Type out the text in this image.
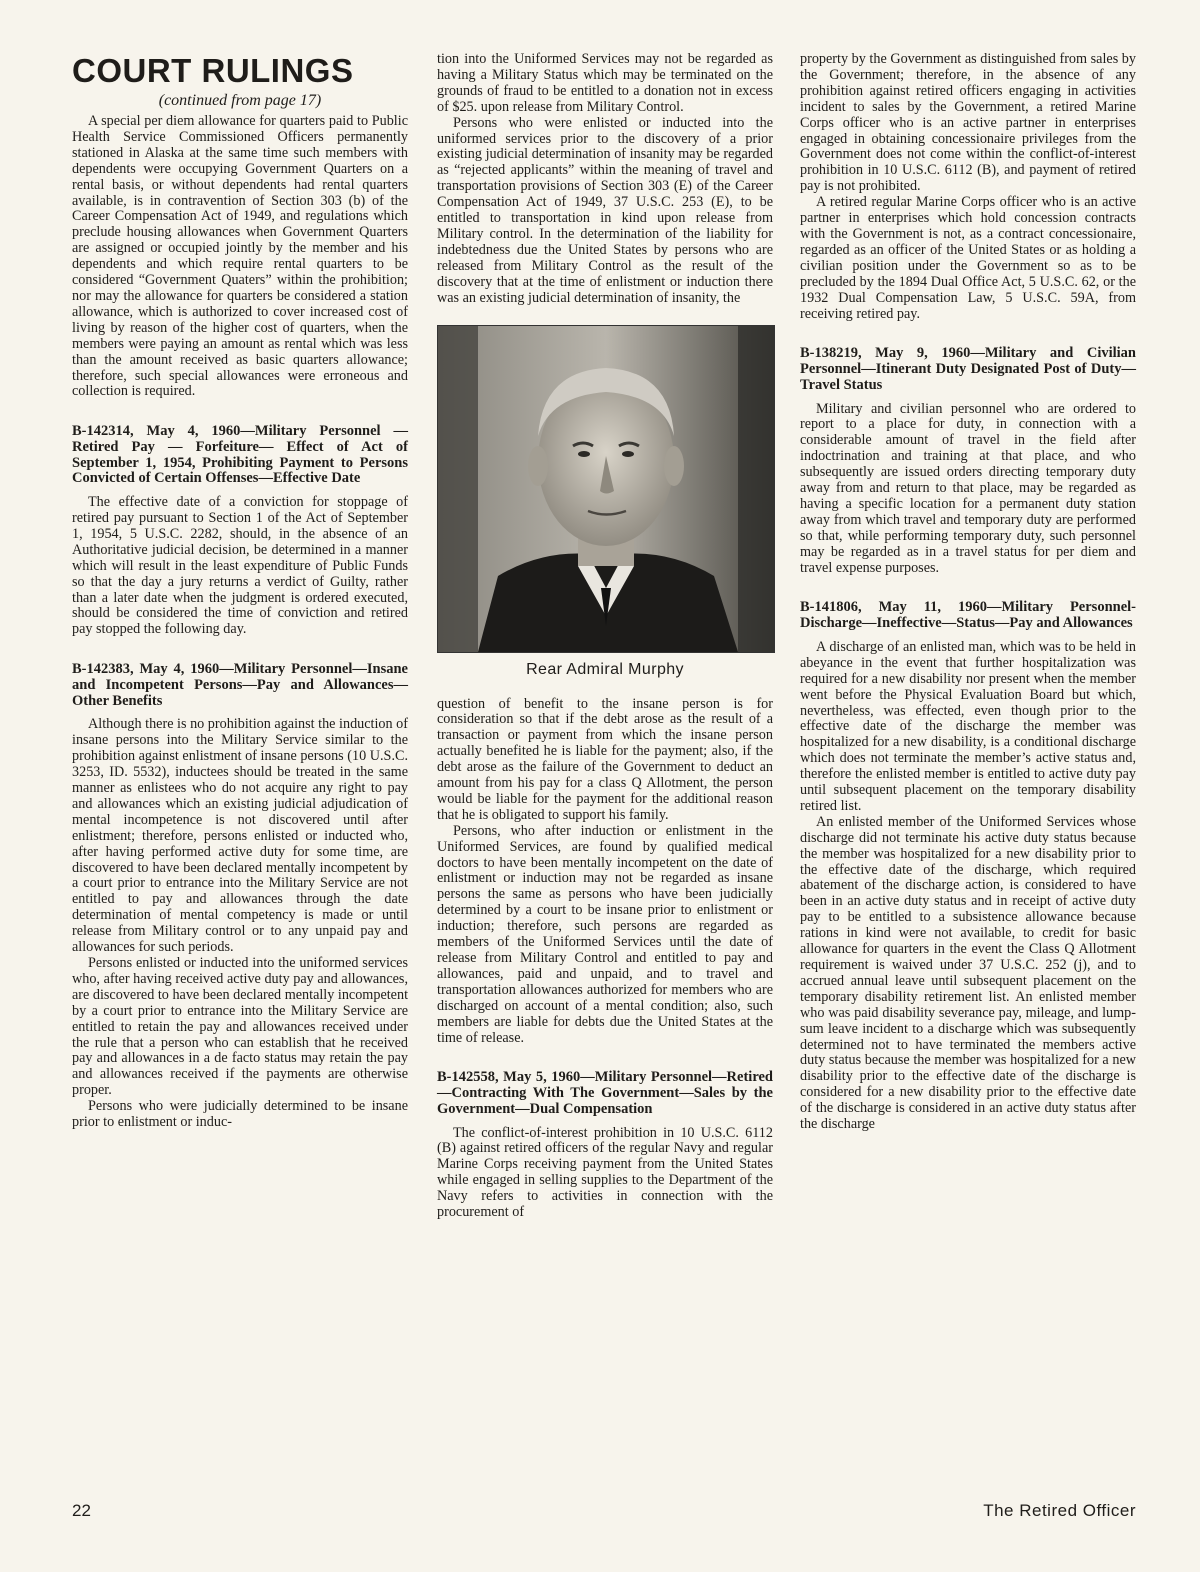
COURT RULINGS
(continued from page 17)

A special per diem allowance for quarters paid to Public Health Service Commissioned Officers permanently stationed in Alaska at the same time such members with dependents were occupying Government Quarters on a rental basis, or without dependents had rental quarters available, is in contravention of Section 303 (b) of the Career Compensation Act of 1949, and regulations which preclude housing allowances when Government Quarters are assigned or occupied jointly by the member and his dependents and which require rental quarters to be considered “Government Quaters” within the prohibition; nor may the allowance for quarters be considered a station allowance, which is authorized to cover increased cost of living by reason of the higher cost of quarters, when the members were paying an amount as rental which was less than the amount received as basic quarters allowance; therefore, such special allowances were erroneous and collection is required.

B-142314, May 4, 1960—Military Personnel — Retired Pay — Forfeiture— Effect of Act of September 1, 1954, Prohibiting Payment to Persons Convicted of Certain Offenses—Effective Date

The effective date of a conviction for stoppage of retired pay pursuant to Section 1 of the Act of September 1, 1954, 5 U.S.C. 2282, should, in the absence of an Authoritative judicial decision, be determined in a manner which will result in the least expenditure of Public Funds so that the day a jury returns a verdict of Guilty, rather than a later date when the judgment is ordered executed, should be considered the time of conviction and retired pay stopped the following day.

B-142383, May 4, 1960—Military Personnel—Insane and Incompetent Persons—Pay and Allowances—Other Benefits

Although there is no prohibition against the induction of insane persons into the Military Service similar to the prohibition against enlistment of insane persons (10 U.S.C. 3253, ID. 5532), inductees should be treated in the same manner as enlistees who do not acquire any right to pay and allowances which an existing judicial adjudication of mental incompetence is not discovered until after enlistment; therefore, persons enlisted or inducted who, after having performed active duty for some time, are discovered to have been declared mentally incompetent by a court prior to entrance into the Military Service are not entitled to pay and allowances through the date determination of mental competency is made or until release from Military control or to any unpaid pay and allowances for such periods.

Persons enlisted or inducted into the uniformed services who, after having received active duty pay and allowances, are discovered to have been declared mentally incompetent by a court prior to entrance into the Military Service are entitled to retain the pay and allowances received under the rule that a person who can establish that he received pay and allowances in a de facto status may retain the pay and allowances received if the payments are otherwise proper.

Persons who were judicially determined to be insane prior to enlistment or induc-

tion into the Uniformed Services may not be regarded as having a Military Status which may be terminated on the grounds of fraud to be entitled to a donation not in excess of $25. upon release from Military Control.

Persons who were enlisted or inducted into the uniformed services prior to the discovery of a prior existing judicial determination of insanity may be regarded as “rejected applicants” within the meaning of travel and transportation provisions of Section 303 (E) of the Career Compensation Act of 1949, 37 U.S.C. 253 (E), to be entitled to transportation in kind upon release from Military control. In the determination of the liability for indebtedness due the United States by persons who are released from Military Control as the result of the discovery that at the time of enlistment or induction there was an existing judicial determination of insanity, the

Rear Admiral Murphy

question of benefit to the insane person is for consideration so that if the debt arose as the result of a transaction or payment from which the insane person actually benefited he is liable for the payment; also, if the debt arose as the failure of the Government to deduct an amount from his pay for a class Q Allotment, the person would be liable for the payment for the additional reason that he is obligated to support his family.

Persons, who after induction or enlistment in the Uniformed Services, are found by qualified medical doctors to have been mentally incompetent on the date of enlistment or induction may not be regarded as insane persons the same as persons who have been judicially determined by a court to be insane prior to enlistment or induction; therefore, such persons are regarded as members of the Uniformed Services until the date of release from Military Control and entitled to pay and allowances, paid and unpaid, and to travel and transportation allowances authorized for members who are discharged on account of a mental condition; also, such members are liable for debts due the United States at the time of release.

B-142558, May 5, 1960—Military Personnel—Retired—Contracting With The Government—Sales by the Government—Dual Compensation

The conflict-of-interest prohibition in 10 U.S.C. 6112 (B) against retired officers of the regular Navy and regular Marine Corps receiving payment from the United States while engaged in selling supplies to the Department of the Navy refers to activities in connection with the procurement of

property by the Government as distinguished from sales by the Government; therefore, in the absence of any prohibition against retired officers engaging in activities incident to sales by the Government, a retired Marine Corps officer who is an active partner in enterprises engaged in obtaining concessionaire privileges from the Government does not come within the conflict-of-interest prohibition in 10 U.S.C. 6112 (B), and payment of retired pay is not prohibited.

A retired regular Marine Corps officer who is an active partner in enterprises which hold concession contracts with the Government is not, as a contract concessionaire, regarded as an officer of the United States or as holding a civilian position under the Government so as to be precluded by the 1894 Dual Office Act, 5 U.S.C. 62, or the 1932 Dual Compensation Law, 5 U.S.C. 59A, from receiving retired pay.

B-138219, May 9, 1960—Military and Civilian Personnel—Itinerant Duty Designated Post of Duty—Travel Status

Military and civilian personnel who are ordered to report to a place for duty, in connection with a considerable amount of travel in the field after indoctrination and training at that place, and who subsequently are issued orders directing temporary duty away from and return to that place, may be regarded as having a specific location for a permanent duty station away from which travel and temporary duty are performed so that, while performing temporary duty, such personnel may be regarded as in a travel status for per diem and travel expense purposes.

B-141806, May 11, 1960—Military Personnel-Discharge—Ineffective—Status—Pay and Allowances

A discharge of an enlisted man, which was to be held in abeyance in the event that further hospitalization was required for a new disability nor present when the member went before the Physical Evaluation Board but which, nevertheless, was effected, even though prior to the effective date of the discharge the member was hospitalized for a new disability, is a conditional discharge which does not terminate the member’s active status and, therefore the enlisted member is entitled to active duty pay until subsequent placement on the temporary disability retired list.

An enlisted member of the Uniformed Services whose discharge did not terminate his active duty status because the member was hospitalized for a new disability prior to the effective date of the discharge, which required abatement of the discharge action, is considered to have been in an active duty status and in receipt of active duty pay to be entitled to a subsistence allowance because rations in kind were not available, to credit for basic allowance for quarters in the event the Class Q Allotment requirement is waived under 37 U.S.C. 252 (j), and to accrued annual leave until subsequent placement on the temporary disability retirement list. An enlisted member who was paid disability severance pay, mileage, and lump-sum leave incident to a discharge which was subsequently determined not to have terminated the members active duty status because the member was hospitalized for a new disability prior to the effective date of the discharge is considered for a new disability prior to the effective date of the discharge is considered in an active duty status after the discharge

22	The Retired Officer
